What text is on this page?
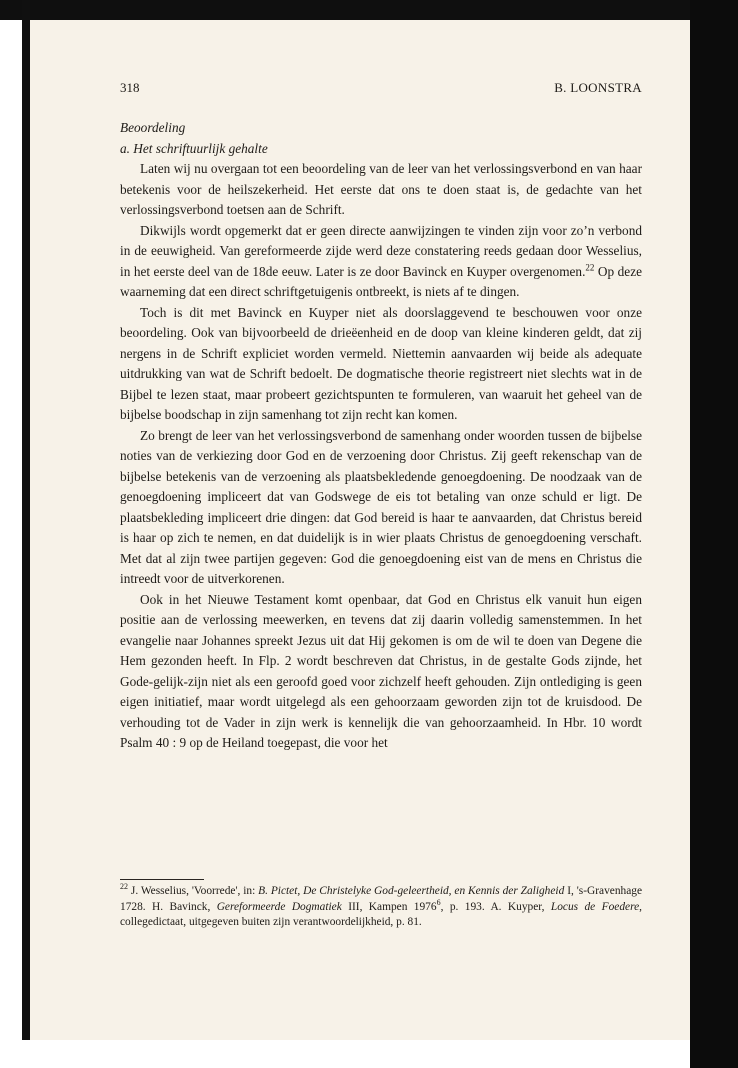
318	B. LOONSTRA

Beoordeling

a. Het schriftuurlijk gehalte

Laten wij nu overgaan tot een beoordeling van de leer van het verlossingsverbond en van haar betekenis voor de heilszekerheid. Het eerste dat ons te doen staat is, de gedachte van het verlossingsverbond toetsen aan de Schrift.

Dikwijls wordt opgemerkt dat er geen directe aanwijzingen te vinden zijn voor zo’n verbond in de eeuwigheid. Van gereformeerde zijde werd deze constatering reeds gedaan door Wesselius, in het eerste deel van de 18de eeuw. Later is ze door Bavinck en Kuyper overgenomen.$^{22}$ Op deze waarneming dat een direct schriftgetuigenis ontbreekt, is niets af te dingen.

Toch is dit met Bavinck en Kuyper niet als doorslaggevend te beschouwen voor onze beoordeling. Ook van bijvoorbeeld de drieëenheid en de doop van kleine kinderen geldt, dat zij nergens in de Schrift expliciet worden vermeld. Niettemin aanvaarden wij beide als adequate uitdrukking van wat de Schrift bedoelt. De dogmatische theorie registreert niet slechts wat in de Bijbel te lezen staat, maar probeert gezichtspunten te formuleren, van waaruit het geheel van de bijbelse boodschap in zijn samenhang tot zijn recht kan komen.

Zo brengt de leer van het verlossingsverbond de samenhang onder woorden tussen de bijbelse noties van de verkiezing door God en de verzoening door Christus. Zij geeft rekenschap van de bijbelse betekenis van de verzoening als plaatsbekledende genoegdoening. De noodzaak van de genoegdoening impliceert dat van Godswege de eis tot betaling van onze schuld er ligt. De plaatsbekleding impliceert drie dingen: dat God bereid is haar te aanvaarden, dat Christus bereid is haar op zich te nemen, en dat duidelijk is in wier plaats Christus de genoegdoening verschaft. Met dat al zijn twee partijen gegeven: God die genoegdoening eist van de mens en Christus die intreedt voor de uitverkorenen.

Ook in het Nieuwe Testament komt openbaar, dat God en Christus elk vanuit hun eigen positie aan de verlossing meewerken, en tevens dat zij daarin volledig samenstemmen. In het evangelie naar Johannes spreekt Jezus uit dat Hij gekomen is om de wil te doen van Degene die Hem gezonden heeft. In Flp. 2 wordt beschreven dat Christus, in de gestalte Gods zijnde, het Gode-gelijk-zijn niet als een geroofd goed voor zichzelf heeft gehouden. Zijn ontlediging is geen eigen initiatief, maar wordt uitgelegd als een gehoorzaam geworden zijn tot de kruisdood. De verhouding tot de Vader in zijn werk is kennelijk die van gehoorzaamheid. In Hbr. 10 wordt Psalm 40 : 9 op de Heiland toegepast, die voor het

$^{22}$ J. Wesselius, 'Voorrede', in: B. Pictet, De Christelyke God-geleertheid, en Kennis der Zaligheid I, 's-Gravenhage 1728. H. Bavinck, Gereformeerde Dogmatiek III, Kampen 1976$^6$, p. 193. A. Kuyper, Locus de Foedere, collegedictaat, uitgegeven buiten zijn verantwoordelijkheid, p. 81.
